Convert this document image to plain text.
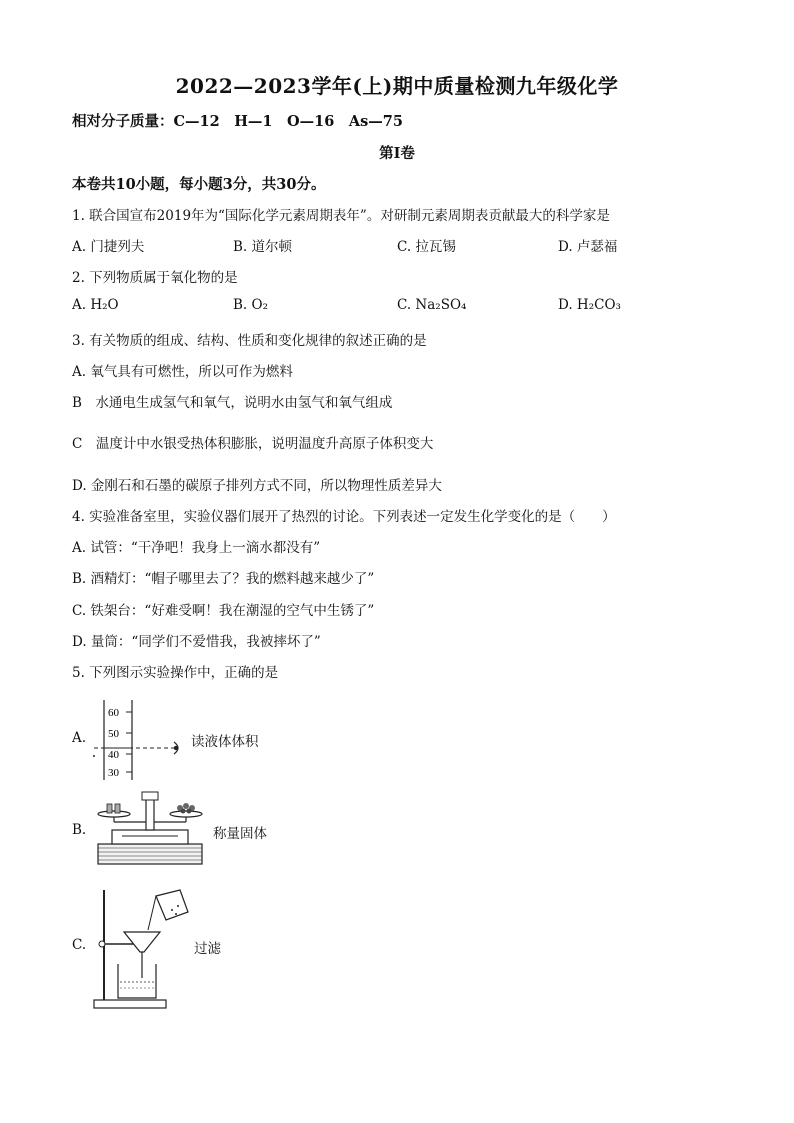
2022—2023学年(上)期中质量检测九年级化学
相对分子质量：C—12　H—1　O—16　As—75
第I卷
本卷共10小题，每小题3分，共30分。
1. 联合国宣布2019年为“国际化学元素周期表年”。对研制元素周期表贡献最大的科学家是
A. 门捷列夫	B. 道尔顿	C. 拉瓦锡	D. 卢瑟福
2. 下列物质属于氧化物的是
A. H₂O	B. O₂	C. Na₂SO₄	D. H₂CO₃
3. 有关物质的组成、结构、性质和变化规律的叙述正确的是
A. 氧气具有可燃性，所以可作为燃料
B　水通电生成氢气和氧气，说明水由氢气和氧气组成
C　温度计中水银受热体积膨胀，说明温度升高原子体积变大
D. 金刚石和石墨的碳原子排列方式不同，所以物理性质差异大
4. 实验准备室里，实验仪器们展开了热烈的讨论。下列表述一定发生化学变化的是（　　）
A. 试管：“干净吧！我身上一滴水都没有”
B. 酒精灯：“帽子哪里去了？我的燃料越来越少了”
C. 铁架台：“好难受啊！我在潮湿的空气中生锈了”
D. 量筒：“同学们不爱惜我，我被摔坏了”
5. 下列图示实验操作中，正确的是
A.
60
50
40
30
读液体体积
B.	称量固体
C.	过滤
